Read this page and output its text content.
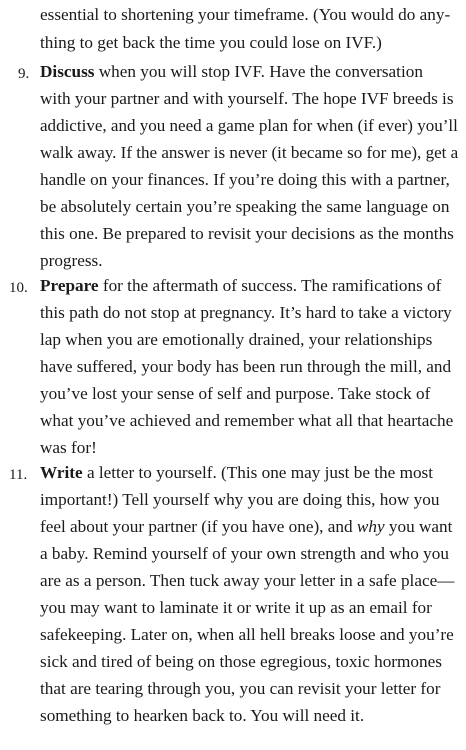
essential to shortening your timeframe. (You would do any-
thing to get back the time you could lose on IVF.)
9. Discuss when you will stop IVF. Have the conversation
with your partner and with yourself. The hope IVF breeds is
addictive, and you need a game plan for when (if ever) you’ll
walk away. If the answer is never (it became so for me), get a
handle on your finances. If you’re doing this with a partner,
be absolutely certain you’re speaking the same language on
this one. Be prepared to revisit your decisions as the months
progress.
10. Prepare for the aftermath of success. The ramifications of
this path do not stop at pregnancy. It’s hard to take a victory
lap when you are emotionally drained, your relationships
have suffered, your body has been run through the mill, and
you’ve lost your sense of self and purpose. Take stock of
what you’ve achieved and remember what all that heartache
was for!
11. Write a letter to yourself. (This one may just be the most
important!) Tell yourself why you are doing this, how you
feel about your partner (if you have one), and why you want
a baby. Remind yourself of your own strength and who you
are as a person. Then tuck away your letter in a safe place—
you may want to laminate it or write it up as an email for
safekeeping. Later on, when all hell breaks loose and you’re
sick and tired of being on those egregious, toxic hormones
that are tearing through you, you can revisit your letter for
something to hearken back to. You will need it.
